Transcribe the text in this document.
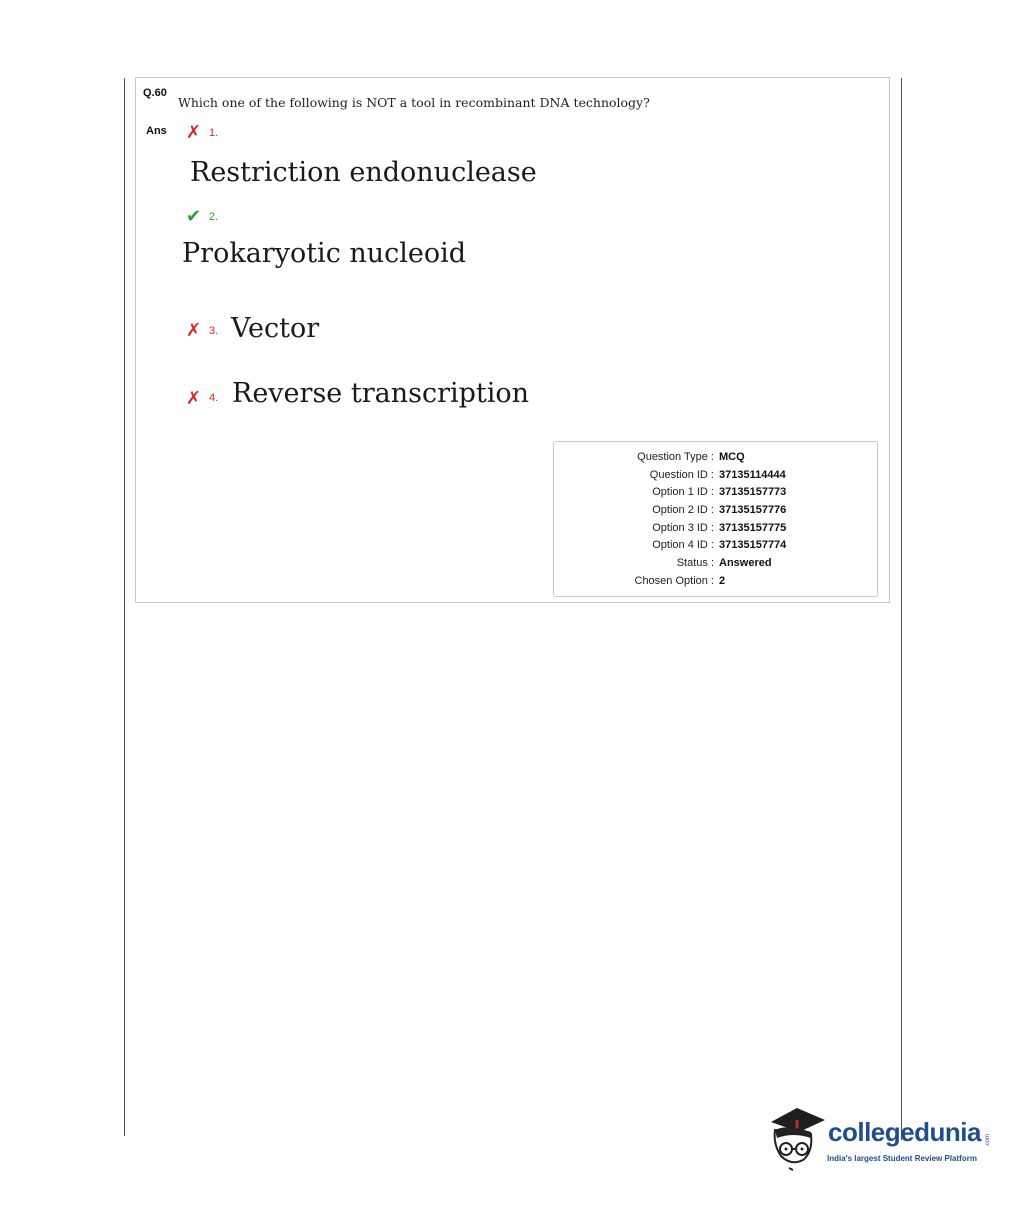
Q.60
Which one of the following is NOT a tool in recombinant DNA technology?
Ans ✗ 1.
Restriction endonuclease
✔ 2.
Prokaryotic nucleoid
✗ 3. Vector
✗ 4. Reverse transcription
Question Type : MCQ
Question ID : 37135114444
Option 1 ID : 37135157773
Option 2 ID : 37135157776
Option 3 ID : 37135157775
Option 4 ID : 37135157774
Status : Answered
Chosen Option : 2
collegedunia .com
India's largest Student Review Platform
